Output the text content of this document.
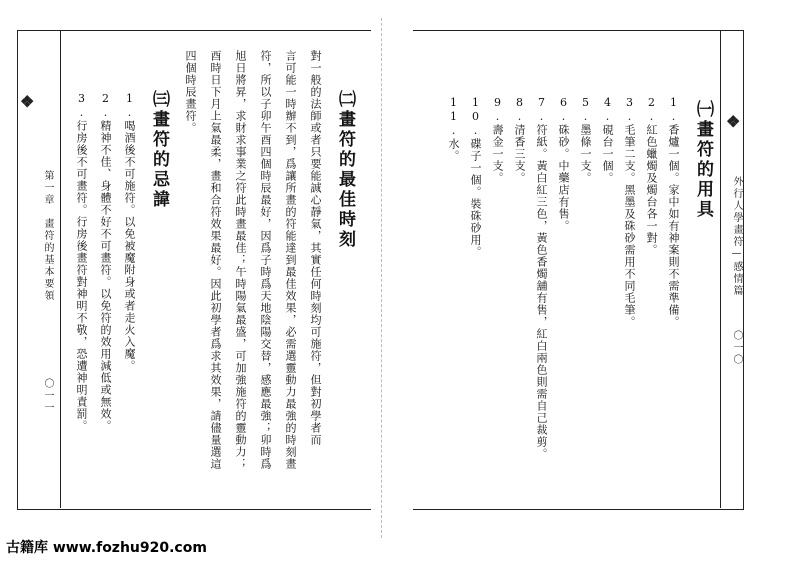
❖
第一章　畫符的基本要領
〇一一
㈡畫符的最佳時刻
對一般的法師或者只要能誠心靜氣，其實任何時刻均可施符，但對初學者而
言可能一時辦不到，爲讓所畫的符能達到最佳效果，必需選靈動力最強的時刻畫
符，所以子卯午酉四個時辰最好，因爲子時爲天地陰陽交替，感應最強；卯時爲
旭日將昇，求財求事業之符此時畫最佳；午時陽氣最盛，可加強施符的靈動力；
酉時日下月上氣最柔，畫和合符效果最好。因此初學者爲求其效果，請儘量選這
四個時辰畫符。
㈢畫符的忌諱
1.喝酒後不可施符。以免被魔附身或者走火入魔。
2.精神不佳、身體不好不可畫符。以免符的效用減低或無效。
3.行房後不可畫符。行房後畫符對神明不敬，恐遭神明責罰。	❖
外行人學畫符—感情篇
〇一〇
㈠畫符的用具
1.香爐一個。家中如有神案則不需準備。
2.紅色蠟燭及燭台各一對。
3.毛筆二支。黑墨及硃砂需用不同毛筆。
4.硯台一個。
5.墨條一支。
6.硃砂。中藥店有售。
7.符紙。黃白紅三色，黃色香燭舖有售，紅白兩色則需自己裁剪。
8.清香三支。
9.壽金一支。
10.碟子一個。裝硃砂用。
11.水。
古籍库 www.fozhu920.com
